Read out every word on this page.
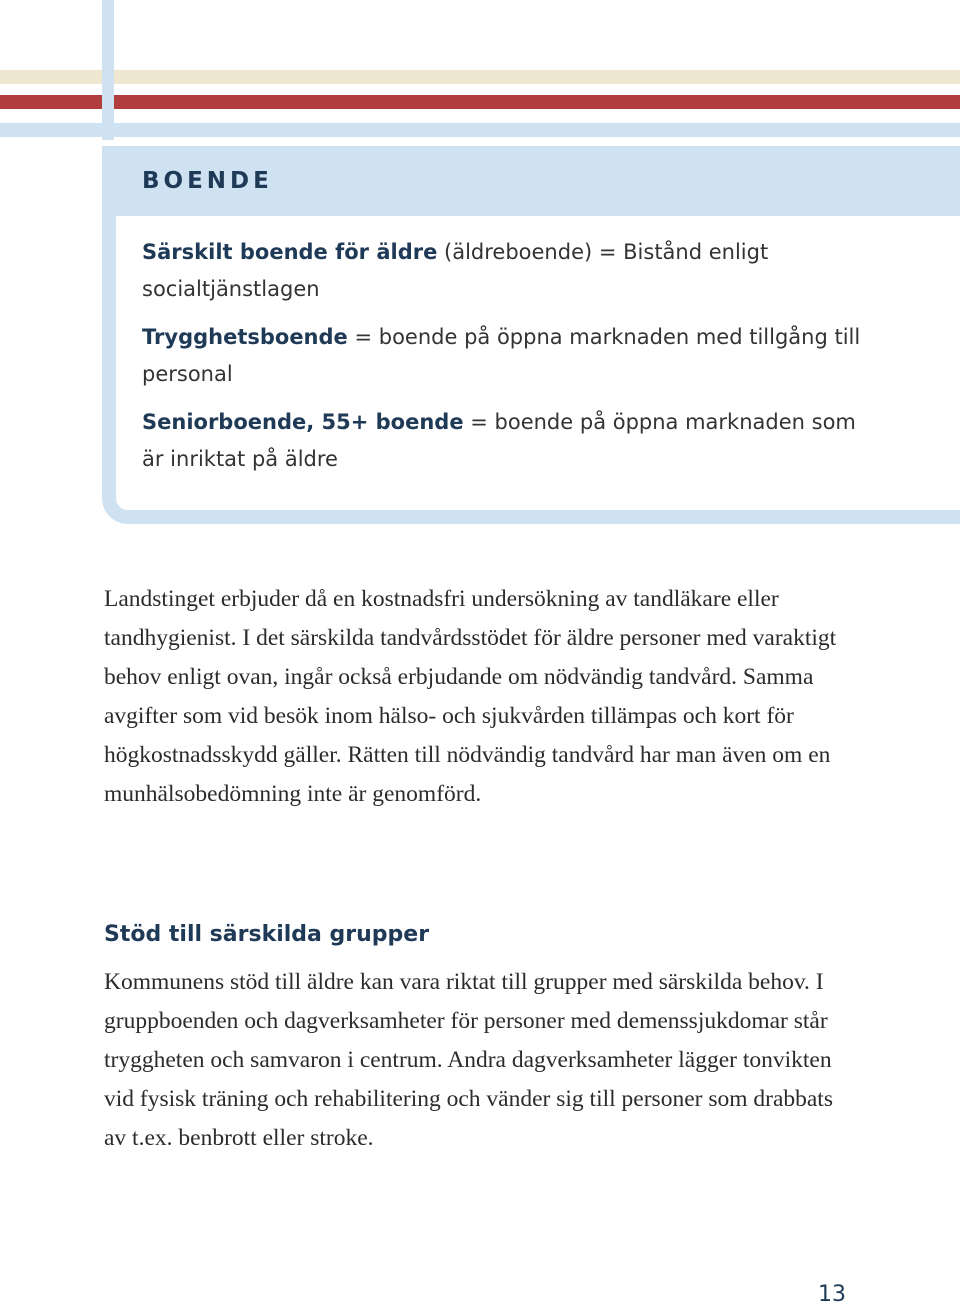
BOENDE

Särskilt boende för äldre (äldreboende) = Bistånd enligt socialtjänstlagen

Trygghetsboende = boende på öppna marknaden med tillgång till personal

Seniorboende, 55+ boende = boende på öppna marknaden som är inriktat på äldre

Landstinget erbjuder då en kostnadsfri undersökning av tandläkare eller tandhygienist. I det särskilda tandvårdsstödet för äldre personer med varaktigt behov enligt ovan, ingår också erbjudande om nödvändig tandvård. Samma avgifter som vid besök inom hälso- och sjukvården tillämpas och kort för högkostnadsskydd gäller. Rätten till nödvändig tandvård har man även om en munhälsobedömning inte är genomförd.

Stöd till särskilda grupper

Kommunens stöd till äldre kan vara riktat till grupper med särskilda behov. I gruppboenden och dagverksamheter för personer med demenssjukdomar står tryggheten och samvaron i centrum. Andra dagverksamheter lägger tonvikten vid fysisk träning och rehabilitering och vänder sig till personer som drabbats av t.ex. benbrott eller stroke.

13
